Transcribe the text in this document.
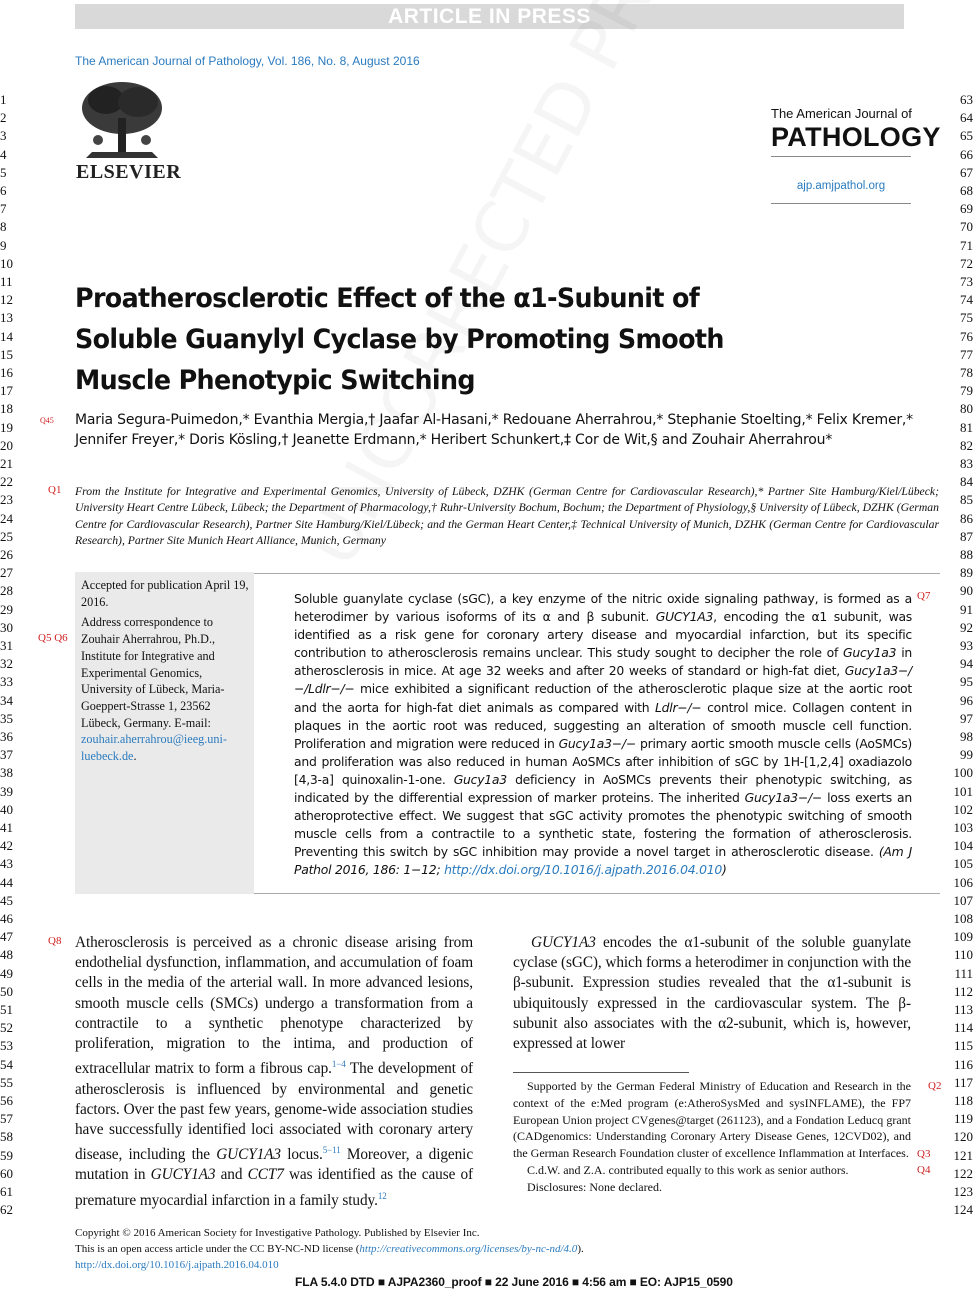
ARTICLE IN PRESS
The American Journal of Pathology, Vol. 186, No. 8, August 2016
ELSEVIER
The American Journal of
PATHOLOGY
ajp.amjpathol.org
1
2
3
4
5
6
7
8
9
10
11
12
13
14
15
16
17
18
19
20
21
22
23
24
25
26
27
28
29
30
31
32
33
34
35
36
37
38
39
40
41
42
43
44
45
46
47
48
49
50
51
52
53
54
55
56
57
58
59
60
61
62
63
64
65
66
67
68
69
70
71
72
73
74
75
76
77
78
79
80
81
82
83
84
85
86
87
88
89
90
91
92
93
94
95
96
97
98
99
100
101
102
103
104
105
106
107
108
109
110
111
112
113
114
115
116
117
118
119
120
121
122
123
124
Proatherosclerotic Effect of the α1-Subunit of Soluble Guanylyl Cyclase by Promoting Smooth Muscle Phenotypic Switching
Q45
Q1
Q5 Q6
Q7
Q8
Q2
Q3
Q4
Maria Segura-Puimedon,* Evanthia Mergia,† Jaafar Al-Hasani,* Redouane Aherrahrou,* Stephanie Stoelting,* Felix Kremer,*
Jennifer Freyer,* Doris Kösling,† Jeanette Erdmann,* Heribert Schunkert,‡ Cor de Wit,§ and Zouhair Aherrahrou*
From the Institute for Integrative and Experimental Genomics, University of Lübeck, DZHK (German Centre for Cardiovascular Research),* Partner Site Hamburg/Kiel/Lübeck; University Heart Centre Lübeck, Lübeck; the Department of Pharmacology,† Ruhr-University Bochum, Bochum; the Department of Physiology,§ University of Lübeck, DZHK (German Centre for Cardiovascular Research), Partner Site Hamburg/Kiel/Lübeck; and the German Heart Center,‡ Technical University of Munich, DZHK (German Centre for Cardiovascular Research), Partner Site Munich Heart Alliance, Munich, Germany
Accepted for publication April 19, 2016.
Address correspondence to Zouhair Aherrahrou, Ph.D., Institute for Integrative and Experimental Genomics, University of Lübeck, Maria-Goeppert-Strasse 1, 23562 Lübeck, Germany. E-mail: zouhair.aherrahrou@ieeg.uni-luebeck.de.
Soluble guanylate cyclase (sGC), a key enzyme of the nitric oxide signaling pathway, is formed as a heterodimer by various isoforms of its α and β subunit. GUCY1A3, encoding the α1 subunit, was identified as a risk gene for coronary artery disease and myocardial infarction, but its specific contribution to atherosclerosis remains unclear. This study sought to decipher the role of Gucy1a3 in atherosclerosis in mice. At age 32 weeks and after 20 weeks of standard or high-fat diet, Gucy1a3−/−/Ldlr−/− mice exhibited a significant reduction of the atherosclerotic plaque size at the aortic root and the aorta for high-fat diet animals as compared with Ldlr−/− control mice. Collagen content in plaques in the aortic root was reduced, suggesting an alteration of smooth muscle cell function. Proliferation and migration were reduced in Gucy1a3−/− primary aortic smooth muscle cells (AoSMCs) and proliferation was also reduced in human AoSMCs after inhibition of sGC by 1H-[1,2,4] oxadiazolo [4,3-a] quinoxalin-1-one. Gucy1a3 deficiency in AoSMCs prevents their phenotypic switching, as indicated by the differential expression of marker proteins. The inherited Gucy1a3−/− loss exerts an atheroprotective effect. We suggest that sGC activity promotes the phenotypic switching of smooth muscle cells from a contractile to a synthetic state, fostering the formation of atherosclerosis. Preventing this switch by sGC inhibition may provide a novel target in atherosclerotic disease. (Am J Pathol 2016, 186: 1−12; http://dx.doi.org/10.1016/j.ajpath.2016.04.010)
Atherosclerosis is perceived as a chronic disease arising from endothelial dysfunction, inflammation, and accumulation of foam cells in the media of the arterial wall. In more advanced lesions, smooth muscle cells (SMCs) undergo a transformation from a contractile to a synthetic phenotype characterized by proliferation, migration to the intima, and production of extracellular matrix to form a fibrous cap.$^{1-4}$ The development of atherosclerosis is influenced by environmental and genetic factors. Over the past few years, genome-wide association studies have successfully identified loci associated with coronary artery disease, including the GUCY1A3 locus.$^{5-11}$ Moreover, a digenic mutation in GUCY1A3 and CCT7 was identified as the cause of premature myocardial infarction in a family study.$^{12}$
GUCY1A3 encodes the α1-subunit of the soluble guanylate cyclase (sGC), which forms a heterodimer in conjunction with the β-subunit. Expression studies revealed that the α1-subunit is ubiquitously expressed in the cardiovascular system. The β-subunit also associates with the α2-subunit, which is, however, expressed at lower
Supported by the German Federal Ministry of Education and Research in the context of the e:Med program (e:AtheroSysMed and sysINFLAME), the FP7 European Union project CVgenes@target (261123), and a Fondation Leducq grant (CADgenomics: Understanding Coronary Artery Disease Genes, 12CVD02), and the German Research Foundation cluster of excellence Inflammation at Interfaces.
C.d.W. and Z.A. contributed equally to this work as senior authors.
Disclosures: None declared.
Copyright © 2016 American Society for Investigative Pathology. Published by Elsevier Inc.
This is an open access article under the CC BY-NC-ND license (http://creativecommons.org/licenses/by-nc-nd/4.0).
http://dx.doi.org/10.1016/j.ajpath.2016.04.010
FLA 5.4.0 DTD ■ AJPA2360_proof ■ 22 June 2016 ■ 4:56 am ■ EO: AJP15_0590
